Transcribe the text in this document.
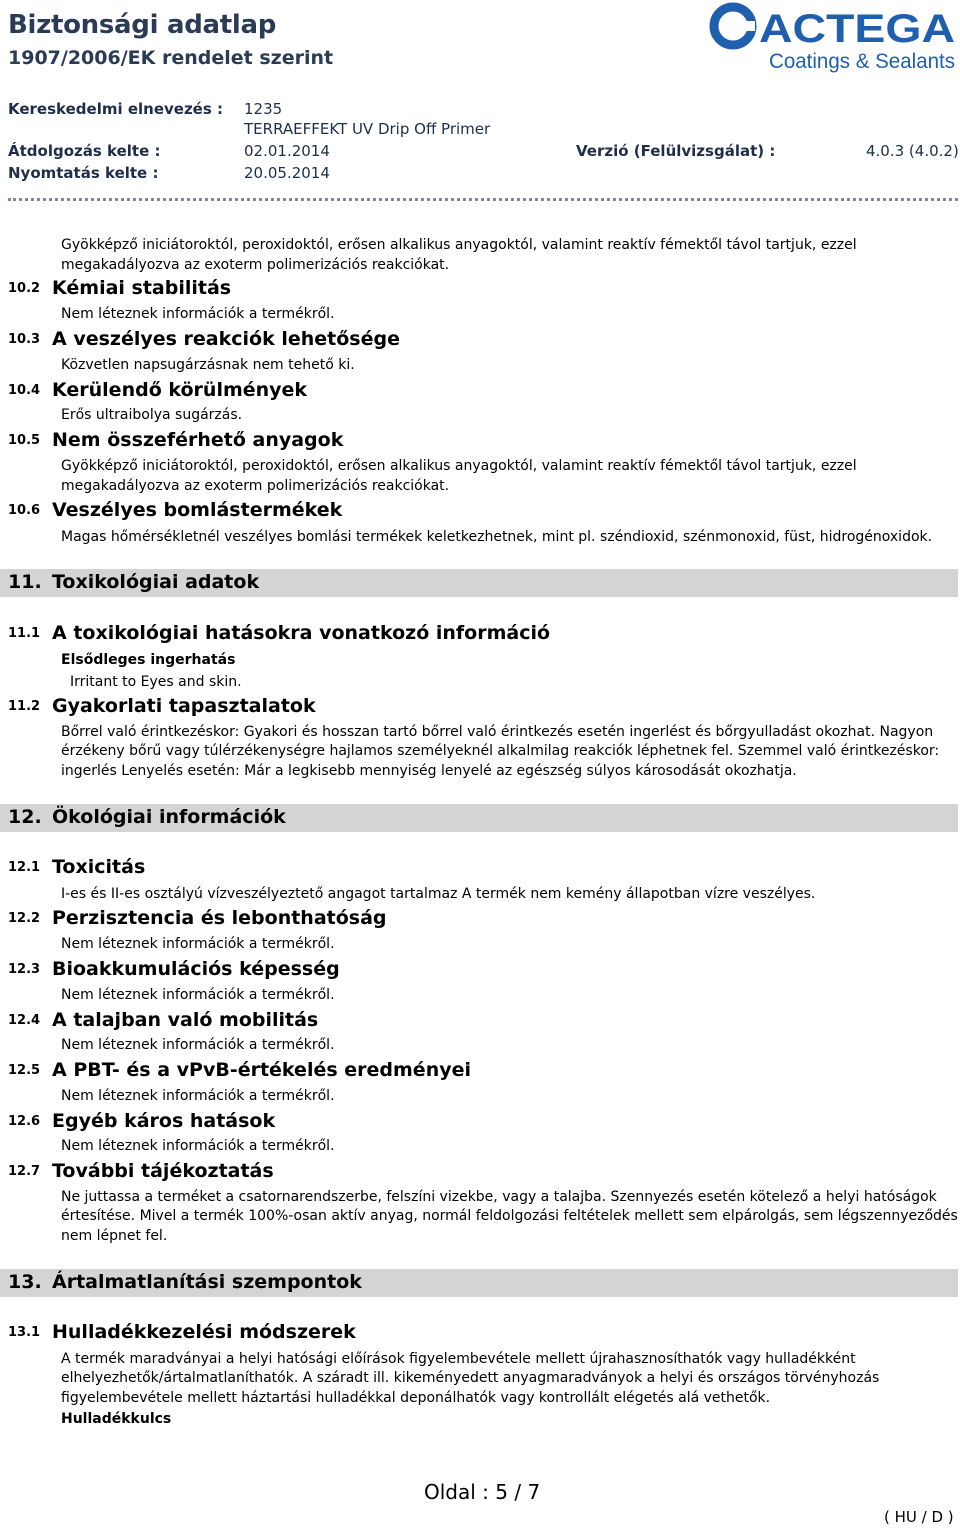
Biztonsági adatlap
1907/2006/EK rendelet szerint
ACTEGA
Coatings & Sealants
Kereskedelmi elnevezés : 1235
TERRAEFFEKT UV Drip Off Primer
Átdolgozás kelte :	02.01.2014	Verzió (Felülvizsgálat) :	4.0.3 (4.0.2)
Nyomtatás kelte :	20.05.2014
Gyökképző iniciátoroktól, peroxidoktól, erősen alkalikus anyagoktól, valamint reaktív fémektől távol tartjuk, ezzel
megakadályozva az exoterm polimerizációs reakciókat.
10.2 Kémiai stabilitás
Nem léteznek információk a termékről.
10.3 A veszélyes reakciók lehetősége
Közvetlen napsugárzásnak nem tehető ki.
10.4 Kerülendő körülmények
Erős ultraibolya sugárzás.
10.5 Nem összeférhető anyagok
Gyökképző iniciátoroktól, peroxidoktól, erősen alkalikus anyagoktól, valamint reaktív fémektől távol tartjuk, ezzel
megakadályozva az exoterm polimerizációs reakciókat.
10.6 Veszélyes bomlástermékek
Magas hőmérsékletnél veszélyes bomlási termékek keletkezhetnek, mint pl. széndioxid, szénmonoxid, füst, hidrogénoxidok.
11. Toxikológiai adatok
11.1 A toxikológiai hatásokra vonatkozó információ
Elsődleges ingerhatás
Irritant to Eyes and skin.
11.2 Gyakorlati tapasztalatok
Bőrrel való érintkezéskor: Gyakori és hosszan tartó bőrrel való érintkezés esetén ingerlést és bőrgyulladást okozhat. Nagyon
érzékeny bőrű vagy túlérzékenységre hajlamos személyeknél alkalmilag reakciók léphetnek fel. Szemmel való érintkezéskor:
ingerlés Lenyelés esetén: Már a legkisebb mennyiség lenyelé az egészség súlyos károsodását okozhatja.
12. Ökológiai információk
12.1 Toxicitás
I-es és II-es osztályú vízveszélyeztető angagot tartalmaz A termék nem kemény állapotban vízre veszélyes.
12.2 Perzisztencia és lebonthatóság
Nem léteznek információk a termékről.
12.3 Bioakkumulációs képesség
Nem léteznek információk a termékről.
12.4 A talajban való mobilitás
Nem léteznek információk a termékről.
12.5 A PBT- és a vPvB-értékelés eredményei
Nem léteznek információk a termékről.
12.6 Egyéb káros hatások
Nem léteznek információk a termékről.
12.7 További tájékoztatás
Ne juttassa a terméket a csatornarendszerbe, felszíni vizekbe, vagy a talajba. Szennyezés esetén kötelező a helyi hatóságok
értesítése. Mivel a termék 100%-osan aktív anyag, normál feldolgozási feltételek mellett sem elpárolgás, sem légszennyeződés
nem lépnet fel.
13. Ártalmatlanítási szempontok
13.1 Hulladékkezelési módszerek
A termék maradványai a helyi hatósági előírások figyelembevétele mellett újrahasznosíthatók vagy hulladékként
elhelyezhetők/ártalmatlaníthatók. A száradt ill. kikeményedett anyagmaradványok a helyi és országos törvényhozás
figyelembevétele mellett háztartási hulladékkal deponálhatók vagy kontrollált elégetés alá vethetők.
Hulladékkulcs
Oldal : 5 / 7
( HU / D )
